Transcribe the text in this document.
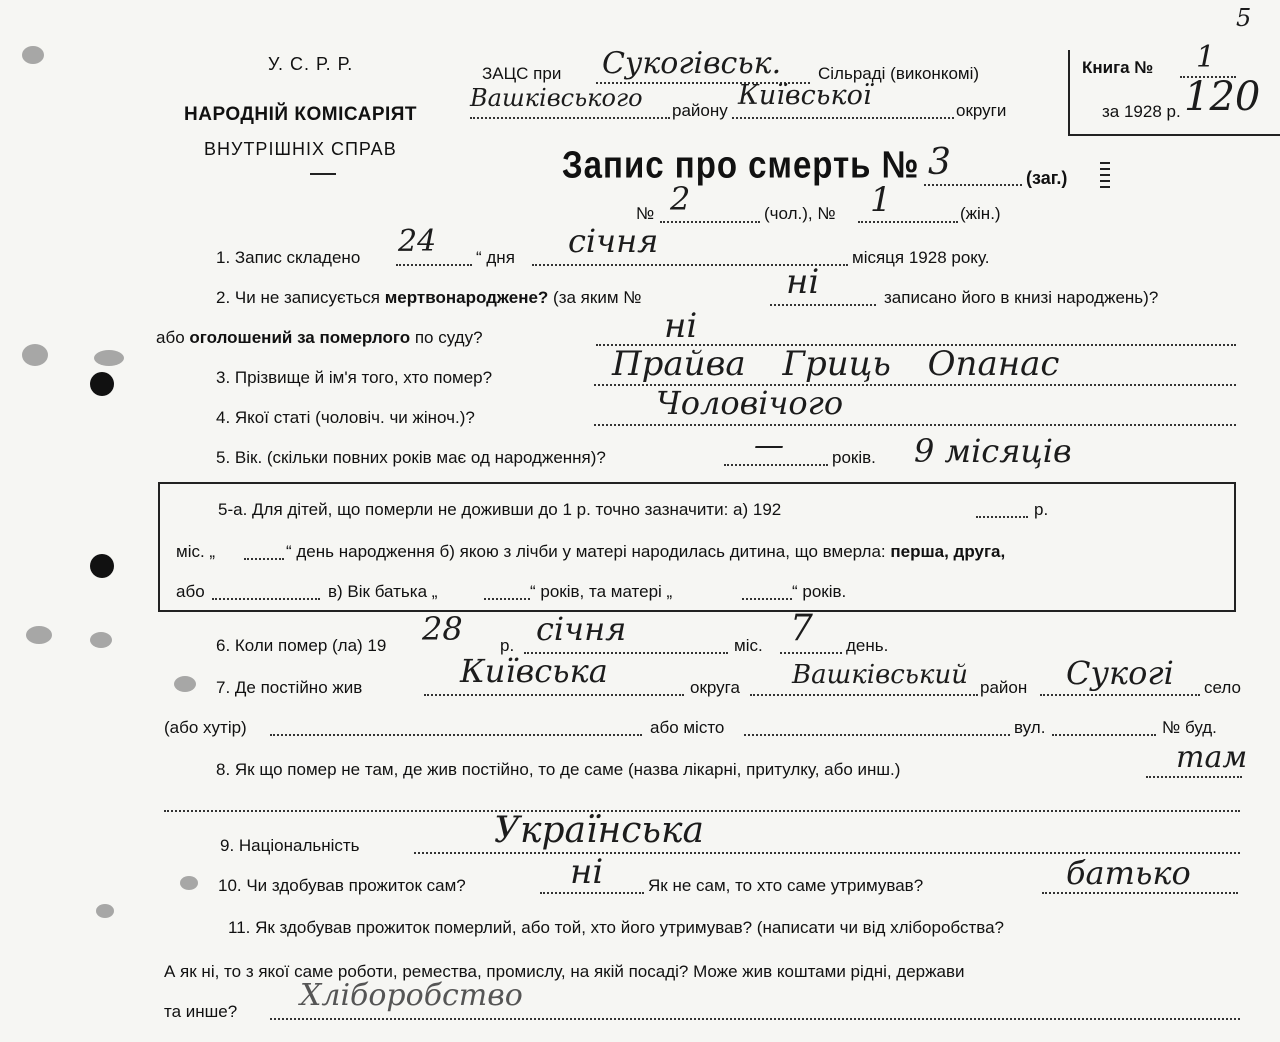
5
У. С. Р. Р.
НАРОДНІЙ КОМІСАРІЯТ
ВНУТРІШНІХ СПРАВ
ЗАЦС при Сукогівськ. Сільраді (виконкомі)
Вашківського району Київської	округи
Книга № 1
за 1928 р. 120
Запис про смерть № 3	(заг.)
№ 2	(чол.), № 1	(жін.)
1. Запис складено 24 “ дня січня	місяця 1928 року.
2. Чи не записується мертвонароджене? (за яким №	ні	записано його в книзі народжень)?
або оголошений за померлого по суду?	ні
3. Прізвище й ім'я того, хто помер?	Прайва Гриць Опанас
4. Якої статі (чоловіч. чи жіноч.)?	Чоловічого
5. Вік. (скільки повних років має од народження)?	—	років. 9 місяців
5-а. Для дітей, що померли не доживши до 1 р. точно зазначити: а) 192	р.
міс. „	“ день народження б) якою з лічби у матері народилась дитина, що вмерла: перша, друга,
або	в) Вік батька „	“ років, та матері „	“ років.
6. Коли помер (ла) 19 28 р. січня	міс. 7 день.
7. Де постійно жив	Київська	округа Вашківський район Сукогі село
(або хутір)	або місто	вул.	№ буд.
8. Як що помер не там, де жив постійно, то де саме (назва лікарні, притулку, або инш.)	там
9. Національність	Українська
10. Чи здобував прожиток сам?	ні	Як не сам, то хто саме утримував?	батько
11. Як здобував прожиток померлий, або той, хто його утримував? (написати чи від хліборобства?
А як ні, то з якої саме роботи, ремества, промислу, на якій посаді? Може жив коштами рідні, держави
та инше? Хліборобство
